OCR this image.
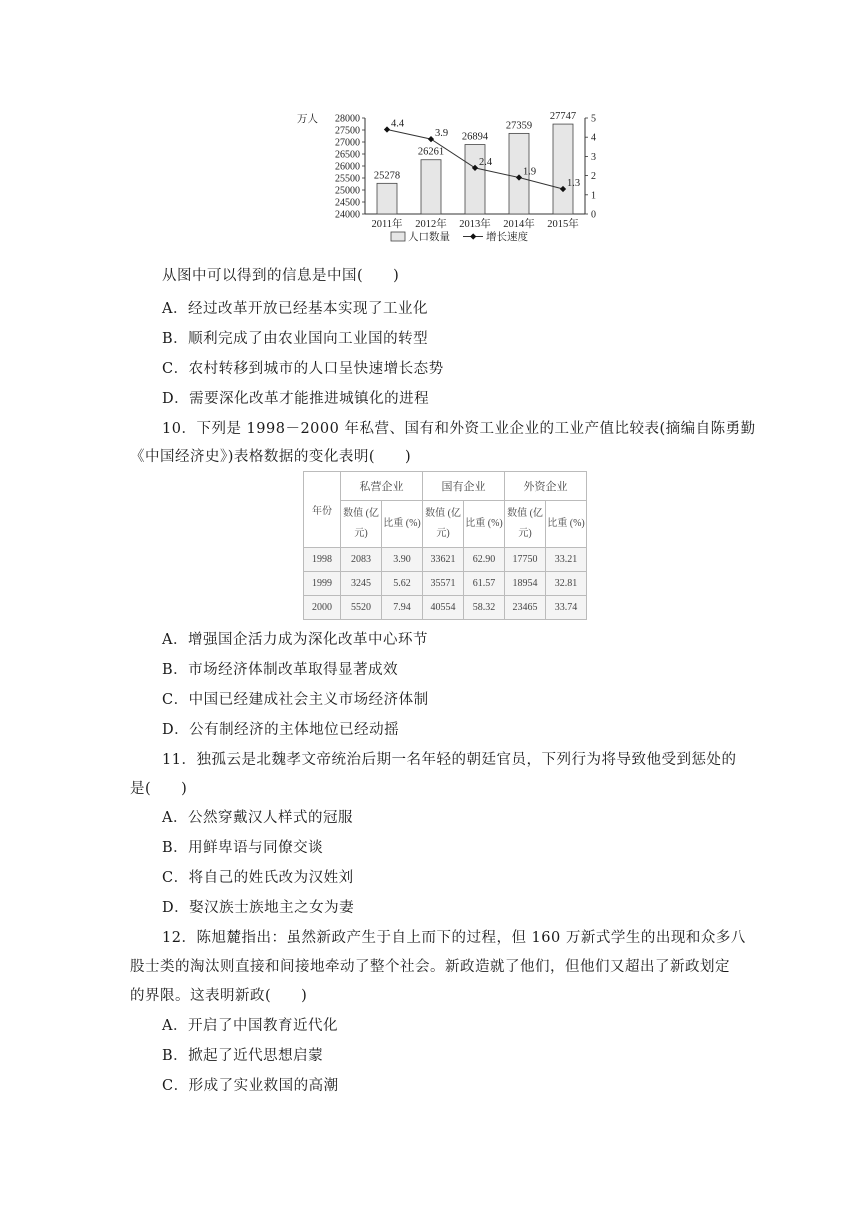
万人 28000
27500
27000
26500
26000
25500
25000
24500
24000
5
4
3
2
1
0
25278
26261
26894
27359
27747
2011年 2012年 2013年 2014年 2015年
4.4
3.9
2.4
1.9
1.3
人口数量	增长速度
从图中可以得到的信息是中国(　　)
A．经过改革开放已经基本实现了工业化
B．顺利完成了由农业国向工业国的转型
C．农村转移到城市的人口呈快速增长态势
D．需要深化改革才能推进城镇化的进程
10．下列是 1998－2000 年私营、国有和外资工业企业的工业产值比较表(摘编自陈勇勤
《中国经济史》)表格数据的变化表明(　　)
年份	私营企业		国有企业		外资企业	
	数值 (亿元)	比重 (%)	数值 (亿元)	比重 (%)	数值 (亿元)	比重 (%)
1998	2083	3.90	33621	62.90	17750	33.21
1999	3245	5.62	35571	61.57	18954	32.81
2000	5520	7.94	40554	58.32	23465	33.74
A．增强国企活力成为深化改革中心环节
B．市场经济体制改革取得显著成效
C．中国已经建成社会主义市场经济体制
D．公有制经济的主体地位已经动摇
11．独孤云是北魏孝文帝统治后期一名年轻的朝廷官员，下列行为将导致他受到惩处的
是(　　)
A．公然穿戴汉人样式的冠服
B．用鲜卑语与同僚交谈
C．将自己的姓氏改为汉姓刘
D．娶汉族士族地主之女为妻
12．陈旭麓指出：虽然新政产生于自上而下的过程，但 160 万新式学生的出现和众多八
股士类的淘汰则直接和间接地牵动了整个社会。新政造就了他们，但他们又超出了新政划定
的界限。这表明新政(　　)
A．开启了中国教育近代化
B．掀起了近代思想启蒙
C．形成了实业救国的高潮
